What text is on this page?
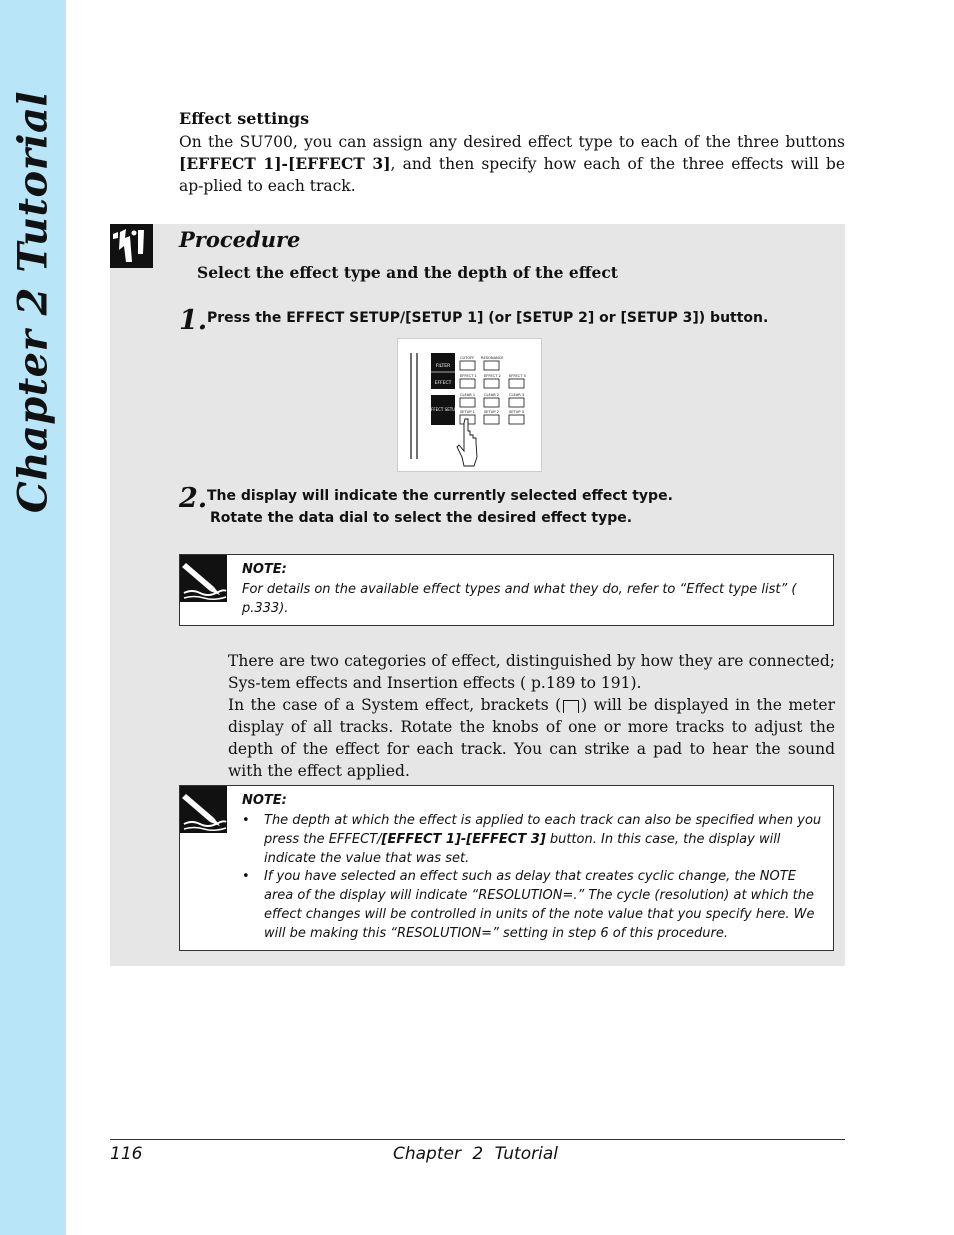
Chapter 2 Tutorial	Effect settings
On the SU700, you can assign any desired effect type to each of the three buttons [EFFECT 1]-[EFFECT 3], and then specify how each of the three effects will be ap-plied to each track.
Procedure
Select the effect type and the depth of the effect
1. Press the EFFECT SETUP/[SETUP 1] (or [SETUP 2] or [SETUP 3]) button.
FILTER
EFFECT
EFFECT SETUP
CUTOFF RESONANCE
EFFECT 1 EFFECT 2 EFFECT 3
CLEAR 1 CLEAR 2	CLEAR 3
SETUP 1	SETUP 2	SETUP 3
2. The display will indicate the currently selected effect type.
Rotate the data dial to select the desired effect type.
NOTE:
For details on the available effect types and what they do, refer to “Effect type list” ( p.333).
There are two categories of effect, distinguished by how they are connected; Sys-tem effects and Insertion effects ( p.189 to 191).
In the case of a System effect, brackets ( ) will be displayed in the meter display of all tracks. Rotate the knobs of one or more tracks to adjust the depth of the effect for each track. You can strike a pad to hear the sound with the effect applied.
NOTE:
• The depth at which the effect is applied to each track can also be specified when you press the EFFECT/[EFFECT 1]-[EFFECT 3] button. In this case, the display will indicate the value that was set.
• If you have selected an effect such as delay that creates cyclic change, the NOTE area of the display will indicate “RESOLUTION=.” The cycle (resolution) at which the effect changes will be controlled in units of the note value that you specify here. We will be making this “RESOLUTION=” setting in step 6 of this procedure.
116	Chapter 2 Tutorial
